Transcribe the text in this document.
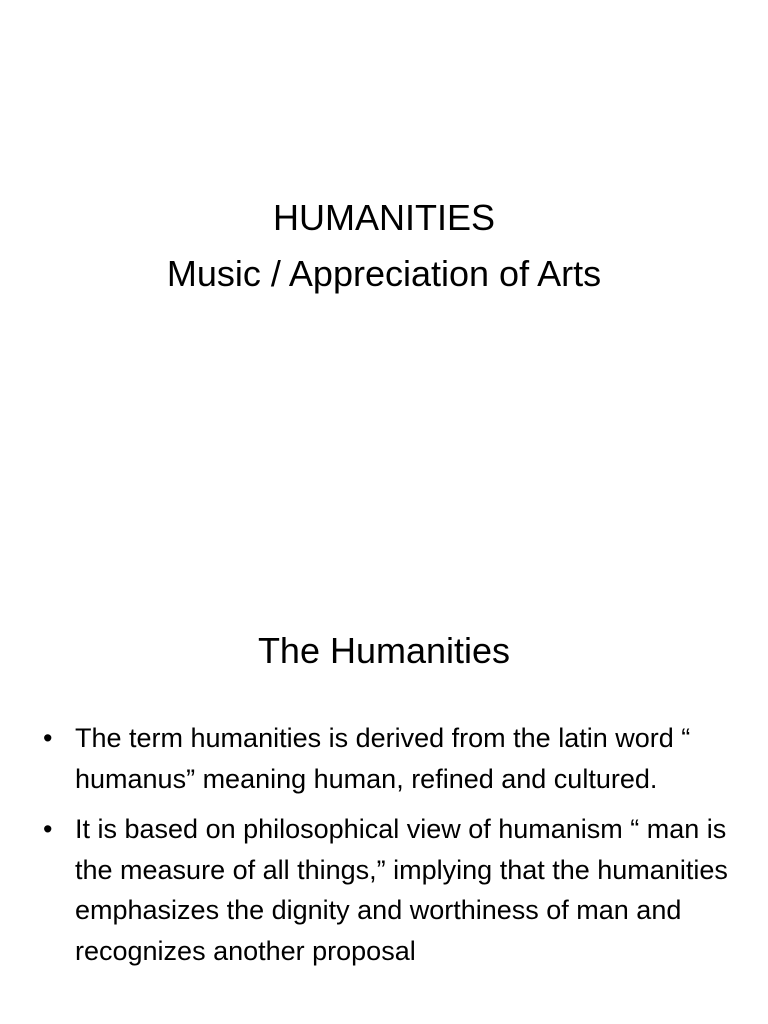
HUMANITIES
Music / Appreciation of Arts
The Humanities
• The term humanities is derived from the latin word “ humanus” meaning human, refined and cultured.
• It is based on philosophical view of humanism “ man is the measure of all things,” implying that the humanities emphasizes the dignity and worthiness of man and recognizes another proposal
